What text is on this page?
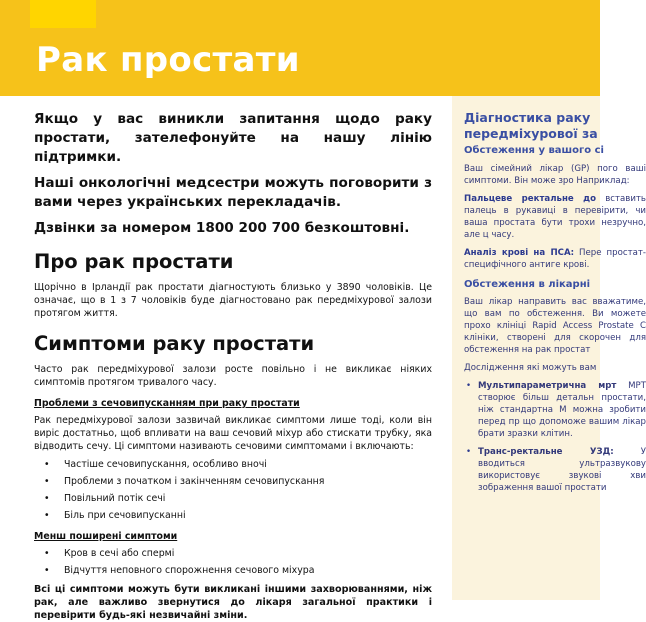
Рак простати

Якщо у вас виникли запитання щодо раку простати, зателефонуйте на нашу лінію підтримки.

Наші онкологічні медсестри можуть поговорити з вами через українських перекладачів.

Дзвінки за номером 1800 200 700 безкоштовні.

Про рак простати

Щорічно в Ірландії рак простати діагностують близько у 3890 чоловіків. Це означає, що в 1 з 7 чоловіків буде діагностовано рак передміхурової залози протягом життя.

Симптоми раку простати

Часто рак передміхурової залози росте повільно і не викликає ніяких симптомів протягом тривалого часу.

Проблеми з сечовипусканням при раку простати

Рак передміхурової залози зазвичай викликає симптоми лише тоді, коли він виріс достатньо, щоб впливати на ваш сечовий міхур або стискати трубку, яка відводить сечу. Ці симптоми називають сечовими симптомами і включають:

• Частіше сечовипускання, особливо вночі
• Проблеми з початком і закінченням сечовипускання
• Повільний потік сечі
• Біль при сечовипусканні

Менш поширені симптоми

• Кров в сечі або спермі
• Відчуття неповного спорожнення сечового міхура

Всі ці симптоми можуть бути викликані іншими захворюваннями, ніж рак, але важливо звернутися до лікаря загальної практики і перевірити будь-які незвичайні зміни.

Діагностика раку передміхурової за
Обстеження у вашого сі

Ваш сімейний лікар (GP) пого ваші симптоми. Він може зро Наприклад:

Пальцеве ректальне до вставить палець в рукавиці в перевірити, чи ваша простата бути трохи незручно, але ц часу.

Аналіз крові на ПСА: Пере простат-специфічного антиге крові.

Обстеження в лікарні

Ваш лікар направить вас вважатиме, що вам по обстеження. Ви можете прохо клініці Rapid Access Prostate C клініки, створені для скорочен для обстеження на рак простат

Дослідження які можуть вам

• Мультипараметрична мрт МРТ створює більш детальн простати, ніж стандартна М можна зробити перед пр що допоможе вашим лікар брати зразки клітин.
• Транс-ректальне УЗД:	У вводиться ультразвукову використовує звукові хви зображення вашої простати
